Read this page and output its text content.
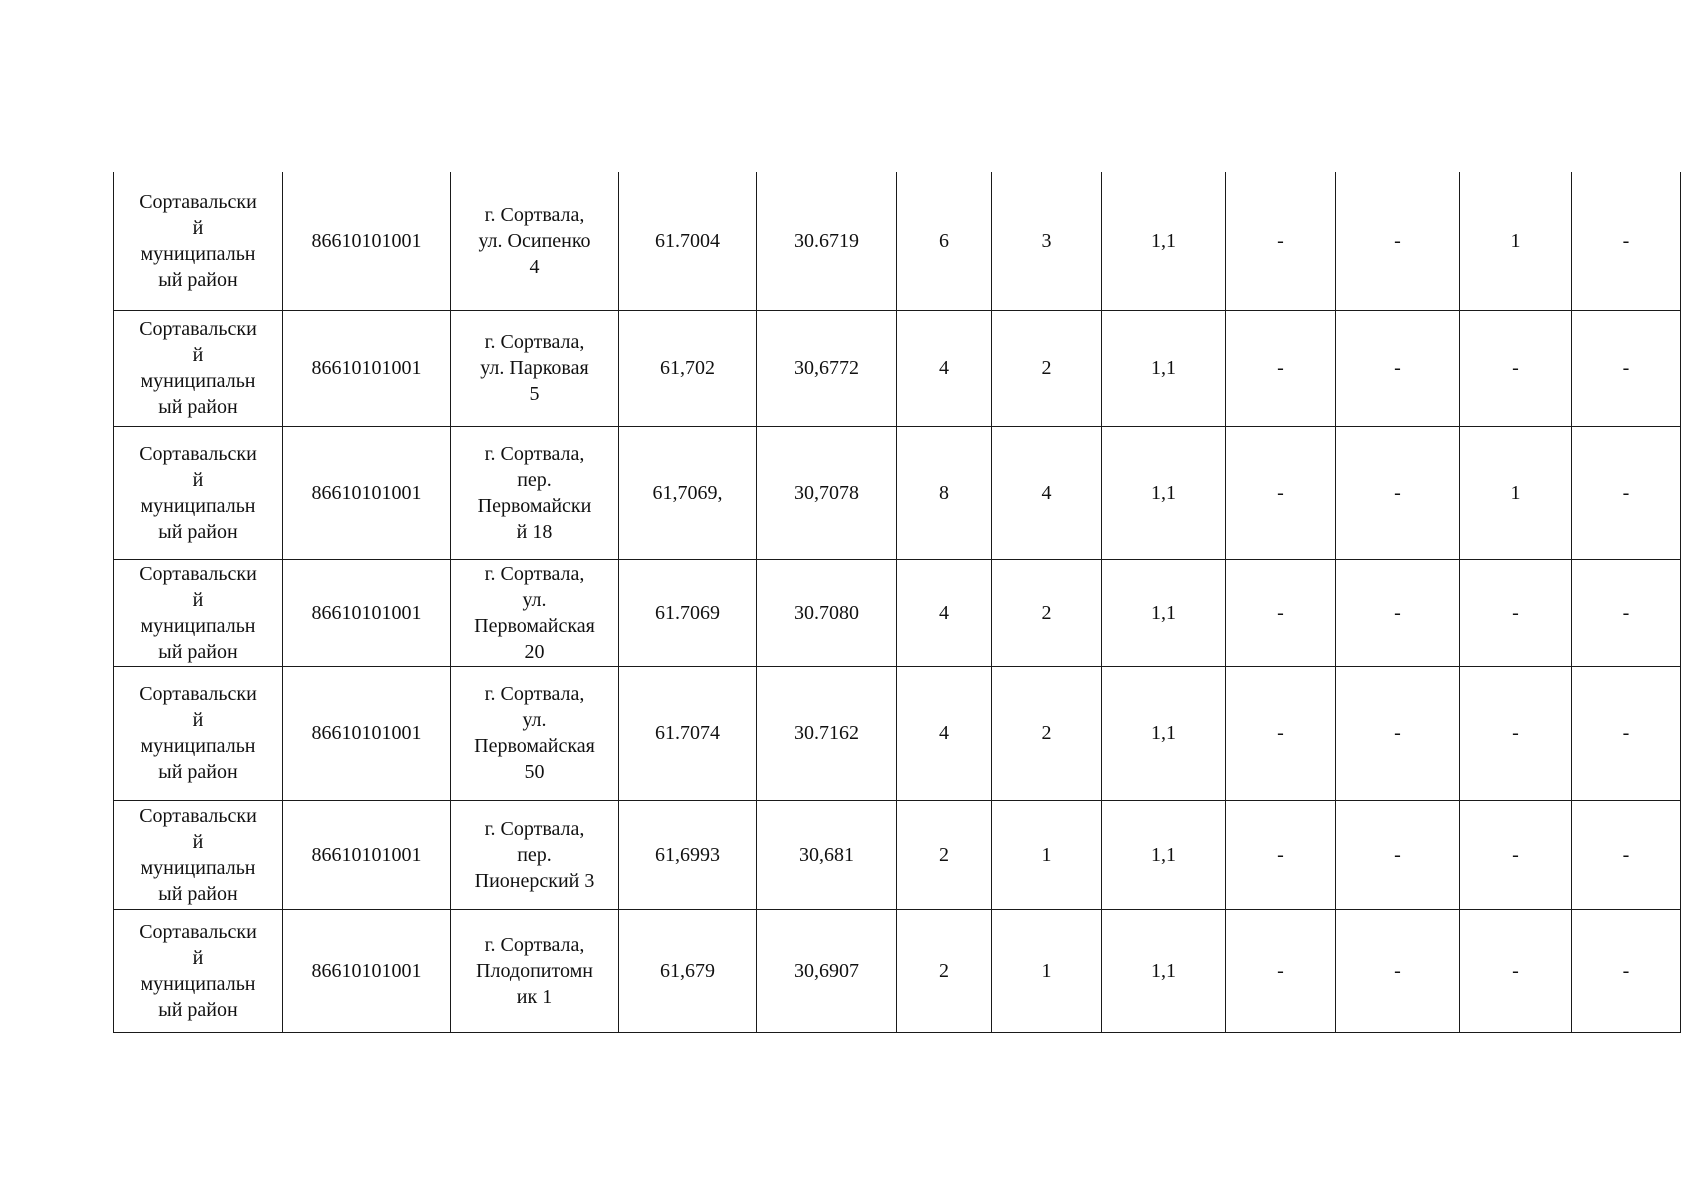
Сортавальски
й
муниципальн
ый район	86610101001	г. Сортвала,
ул. Осипенко
4	61.7004	30.6719	6	3	1,1	-	-	1	-

Сортавальски
й
муниципальн
ый район	86610101001	г. Сортвала,
ул. Парковая
5	61,702	30,6772	4	2	1,1	-	-	-	-

Сортавальски
й
муниципальн
ый район	86610101001	г. Сортвала,
пер.
Первомайски
й 18	61,7069,	30,7078	8	4	1,1	-	-	1	-

Сортавальски
й
муниципальн
ый район	86610101001	г. Сортвала,
ул.
Первомайская
20	61.7069	30.7080	4	2	1,1	-	-	-	-

Сортавальски
й
муниципальн
ый район	86610101001	г. Сортвала,
ул.
Первомайская
50	61.7074	30.7162	4	2	1,1	-	-	-	-

Сортавальски
й
муниципальн
ый район	86610101001	г. Сортвала,
пер.
Пионерский 3	61,6993	30,681	2	1	1,1	-	-	-	-

Сортавальски
й
муниципальн
ый район	86610101001	г. Сортвала,
Плодопитомн
ик 1	61,679	30,6907	2	1	1,1	-	-	-	-
